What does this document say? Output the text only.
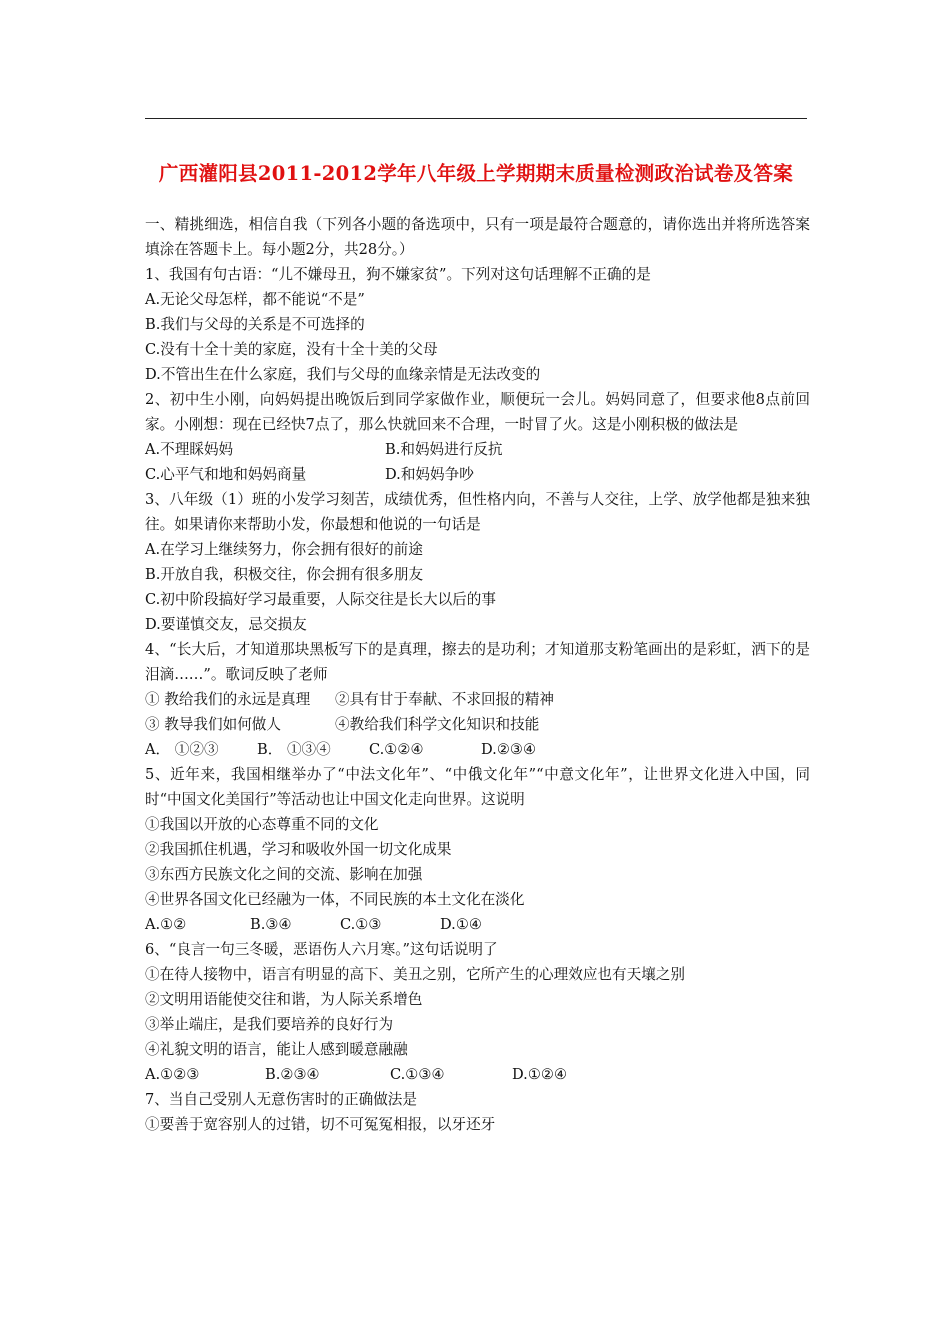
广西灌阳县2011-2012学年八年级上学期期末质量检测政治试卷及答案
一、精挑细选，相信自我（下列各小题的备选项中，只有一项是最符合题意的，请你选出并将所选答案填涂在答题卡上。每小题2分，共28分。）
1、我国有句古语：“儿不嫌母丑，狗不嫌家贫”。下列对这句话理解不正确的是
A.无论父母怎样，都不能说“不是”
B.我们与父母的关系是不可选择的
C.没有十全十美的家庭，没有十全十美的父母
D.不管出生在什么家庭，我们与父母的血缘亲情是无法改变的
2、初中生小刚，向妈妈提出晚饭后到同学家做作业，顺便玩一会儿。妈妈同意了，但要求他8点前回家。小刚想：现在已经快7点了，那么快就回来不合理，一时冒了火。这是小刚积极的做法是
A.不理睬妈妈	B.和妈妈进行反抗
C.心平气和地和妈妈商量	D.和妈妈争吵
3、八年级（1）班的小发学习刻苦，成绩优秀，但性格内向，不善与人交往，上学、放学他都是独来独往。如果请你来帮助小发，你最想和他说的一句话是
A.在学习上继续努力，你会拥有很好的前途
B.开放自我，积极交往，你会拥有很多朋友
C.初中阶段搞好学习最重要，人际交往是长大以后的事
D.要谨慎交友，忌交损友
4、“长大后，才知道那块黑板写下的是真理，擦去的是功利；才知道那支粉笔画出的是彩虹，洒下的是泪滴……”。歌词反映了老师
① 教给我们的永远是真理	②具有甘于奉献、不求回报的精神
③ 教导我们如何做人	④教给我们科学文化知识和技能
A． ①②③	B． ①③④	C.①②④	D.②③④
5、近年来，我国相继举办了“中法文化年”、“中俄文化年”“中意文化年”，让世界文化进入中国，同时“中国文化美国行”等活动也让中国文化走向世界。这说明
①我国以开放的心态尊重不同的文化
②我国抓住机遇，学习和吸收外国一切文化成果
③东西方民族文化之间的交流、影响在加强
④世界各国文化已经融为一体，不同民族的本土文化在淡化
A.①②	B.③④	C.①③	D.①④
6、“良言一句三冬暖，恶语伤人六月寒。”这句话说明了
①在待人接物中，语言有明显的高下、美丑之别，它所产生的心理效应也有天壤之别
②文明用语能使交往和谐，为人际关系增色
③举止端庄，是我们要培养的良好行为
④礼貌文明的语言，能让人感到暖意融融
A.①②③	B.②③④	C.①③④	D.①②④
7、当自己受别人无意伤害时的正确做法是
①要善于宽容别人的过错，切不可冤冤相报，以牙还牙
